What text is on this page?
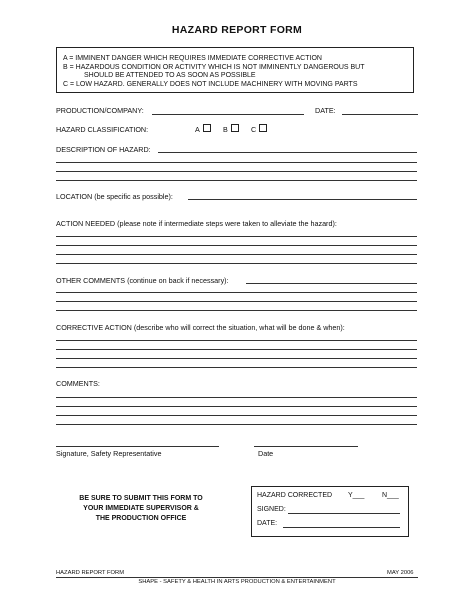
HAZARD REPORT FORM
A = IMMINENT DANGER WHICH REQUIRES IMMEDIATE CORRECTIVE ACTION
B = HAZARDOUS CONDITION OR ACTIVITY WHICH IS NOT IMMINENTLY DANGEROUS BUT
SHOULD BE ATTENDED TO AS SOON AS POSSIBLE
C = LOW HAZARD. GENERALLY DOES NOT INCLUDE MACHINERY WITH MOVING PARTS
PRODUCTION/COMPANY:	DATE:
HAZARD CLASSIFICATION:	A	B	C
DESCRIPTION OF HAZARD:
LOCATION (be specific as possible):
ACTION NEEDED (please note if intermediate steps were taken to alleviate the hazard):
OTHER COMMENTS (continue on back if necessary):
CORRECTIVE ACTION (describe who will correct the situation, what will be done & when):
COMMENTS:
Signature, Safety Representative	Date
BE SURE TO SUBMIT THIS FORM TO
YOUR IMMEDIATE SUPERVISOR &
THE PRODUCTION OFFICE
HAZARD CORRECTED Y___	N___
SIGNED:
DATE:
HAZARD REPORT FORM	MAY 2006
SHAPE - SAFETY & HEALTH IN ARTS PRODUCTION & ENTERTAINMENT
